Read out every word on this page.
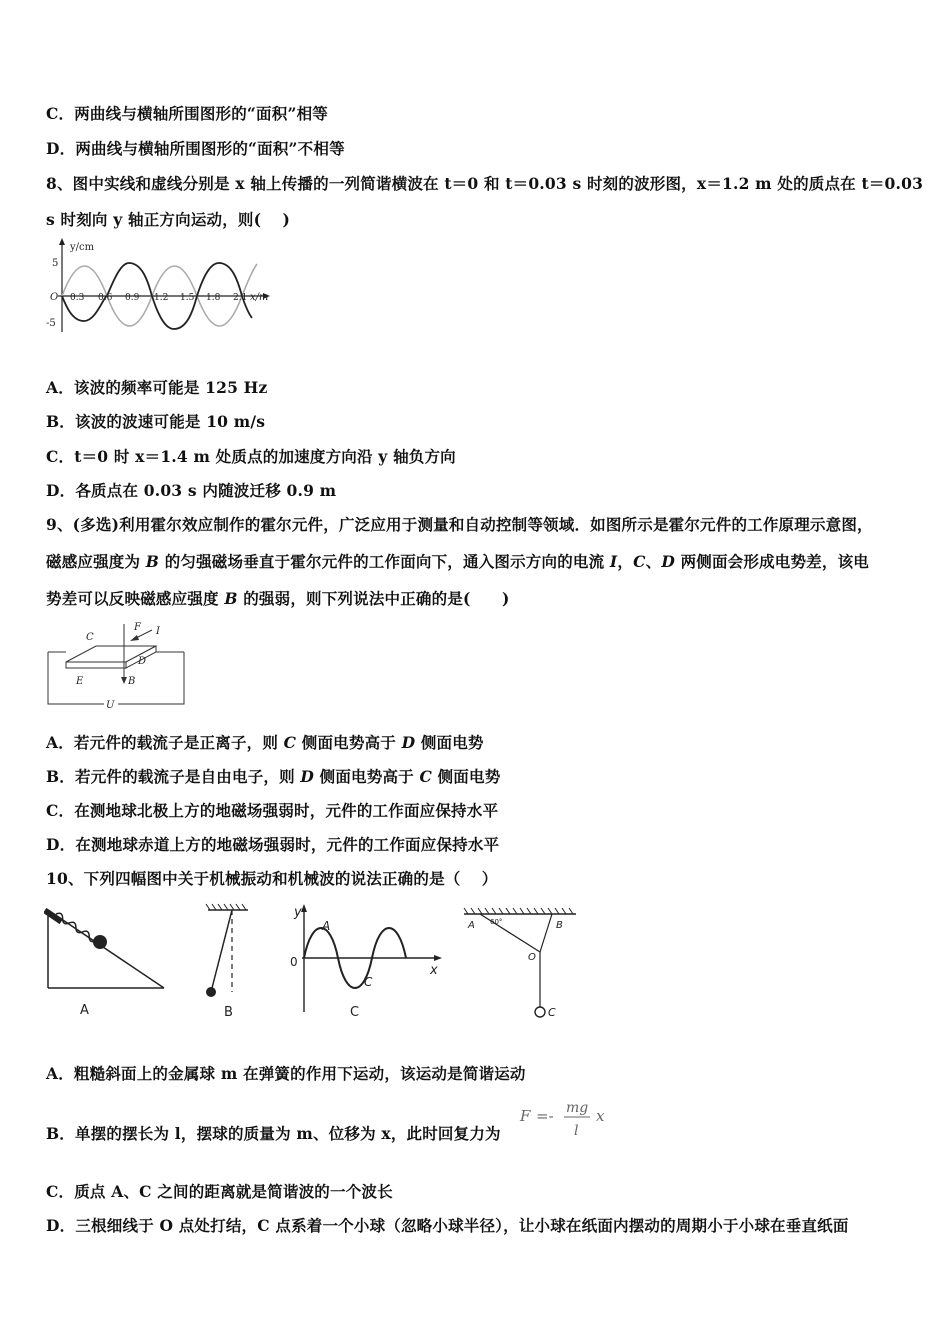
C．两曲线与横轴所围图形的“面积”相等
D．两曲线与横轴所围图形的“面积”不相等
8、图中实线和虚线分别是 x 轴上传播的一列简谐横波在 t＝0 和 t＝0.03 s 时刻的波形图，x＝1.2 m 处的质点在 t＝0.03
s 时刻向 y 轴正方向运动，则(　 )
y/cm
5
-5
O 0.3 0.6 0.9 1.2 1.5 1.8 2.1 x/m
A．该波的频率可能是 125 Hz
B．该波的波速可能是 10 m/s
C．t＝0 时 x＝1.4 m 处质点的加速度方向沿 y 轴负方向
D．各质点在 0.03 s 内随波迁移 0.9 m
9、(多选)利用霍尔效应制作的霍尔元件，广泛应用于测量和自动控制等领域．如图所示是霍尔元件的工作原理示意图，
磁感应强度为 B 的匀强磁场垂直于霍尔元件的工作面向下，通入图示方向的电流 I，C、D 两侧面会形成电势差，该电
势差可以反映磁感应强度 B 的强弱，则下列说法中正确的是(　　)
C
F I
D
E	B
U
A．若元件的载流子是正离子，则 C 侧面电势高于 D 侧面电势
B．若元件的载流子是自由电子，则 D 侧面电势高于 C 侧面电势
C．在测地球北极上方的地磁场强弱时，元件的工作面应保持水平
D．在测地球赤道上方的地磁场强弱时，元件的工作面应保持水平
10、下列四幅图中关于机械振动和机械波的说法正确的是（　 ）
A	B
y
x
0
A
C
C
A 60°	B
O
C
A．粗糙斜面上的金属球 m 在弹簧的作用下运动，该运动是简谐运动
B．单摆的摆长为 l，摆球的质量为 m、位移为 x，此时回复力为
F =- mg
l
x
C．质点 A、C 之间的距离就是简谐波的一个波长
D．三根细线于 O 点处打结，C 点系着一个小球（忽略小球半径），让小球在纸面内摆动的周期小于小球在垂直纸面
